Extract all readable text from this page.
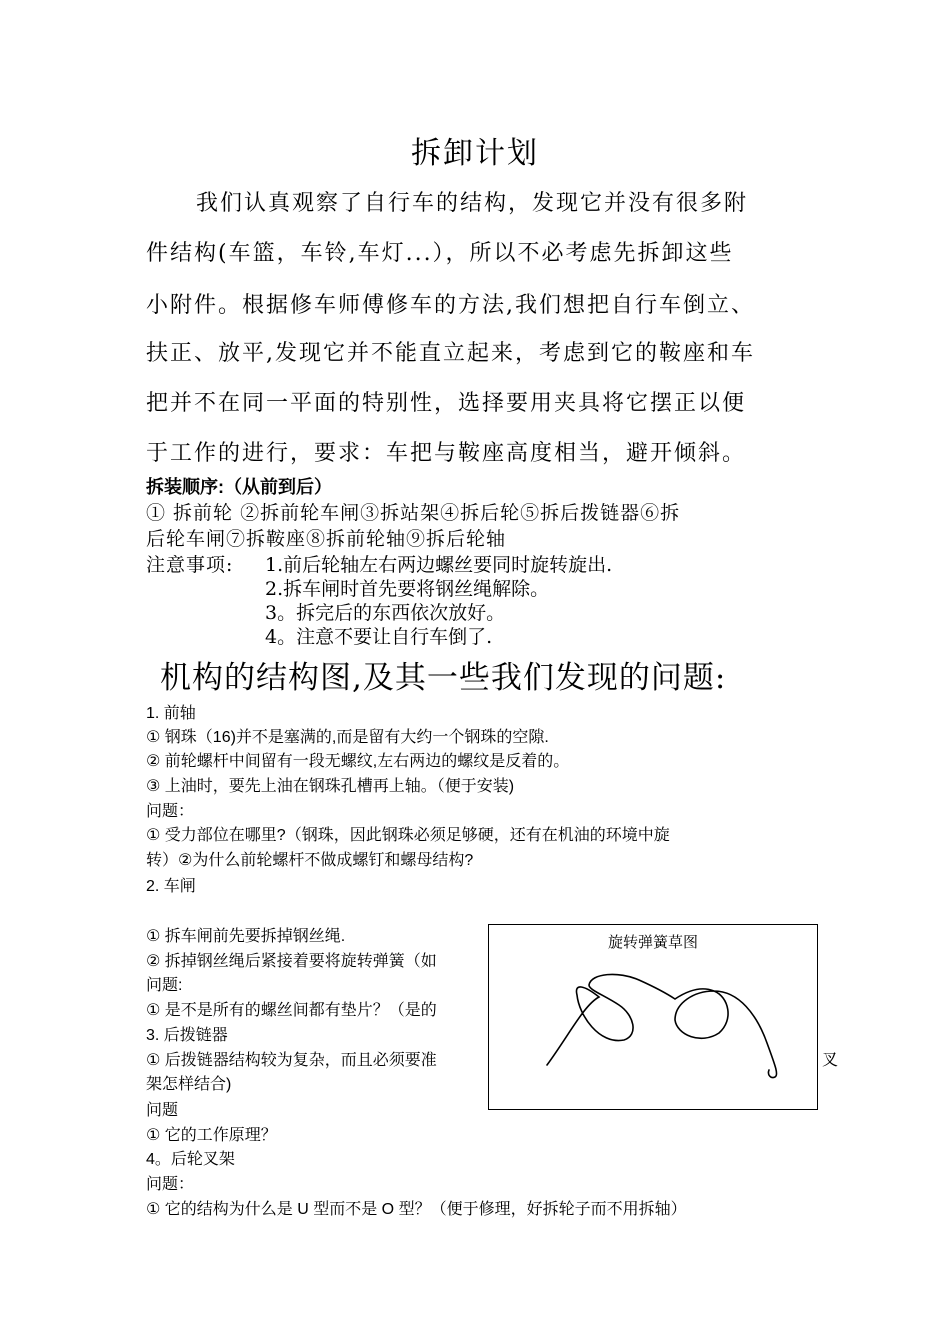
拆卸计划
我们认真观察了自行车的结构，发现它并没有很多附
件结构(车篮，车铃,车灯...），所以不必考虑先拆卸这些
小附件。根据修车师傅修车的方法,我们想把自行车倒立、
扶正、放平,发现它并不能直立起来，考虑到它的鞍座和车
把并不在同一平面的特别性，选择要用夹具将它摆正以便
于工作的进行，要求：车把与鞍座高度相当，避开倾斜。
拆装顺序:（从前到后）
① 拆前轮 ②拆前轮车闸③拆站架④拆后轮⑤拆后拨链器⑥拆
后轮车闸⑦拆鞍座⑧拆前轮轴⑨拆后轮轴
注意事项: 1.前后轮轴左右两边螺丝要同时旋转旋出.
2.拆车闸时首先要将钢丝绳解除。
3。拆完后的东西依次放好。
4。注意不要让自行车倒了.
机构的结构图,及其一些我们发现的问题:
1. 前轴
① 钢珠（16)并不是塞满的,而是留有大约一个钢珠的空隙.
② 前轮螺杆中间留有一段无螺纹,左右两边的螺纹是反着的。
③ 上油时，要先上油在钢珠孔槽再上轴。（便于安装)
问题：
① 受力部位在哪里?（钢珠，因此钢珠必须足够硬，还有在机油的环境中旋
转）②为什么前轮螺杆不做成螺钉和螺母结构?
2. 车闸
① 拆车闸前先要拆掉钢丝绳.
② 拆掉钢丝绳后紧接着要将旋转弹簧（如
问题:
① 是不是所有的螺丝间都有垫片？（是的
3. 后拨链器
① 后拨链器结构较为复杂，而且必须要准	叉
架怎样结合)
问题
① 它的工作原理？
4。后轮叉架
问题：
① 它的结构为什么是 U 型而不是 O 型？（便于修理，好拆轮子而不用拆轴）
旋转弹簧草图
